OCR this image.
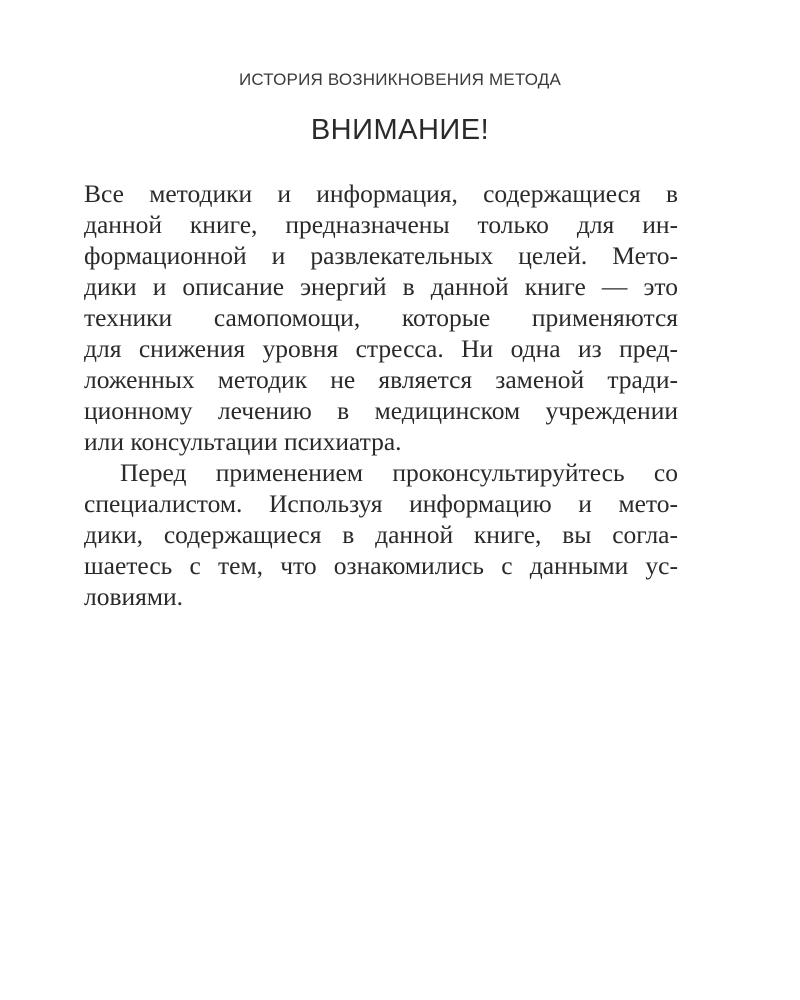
ИСТОРИЯ ВОЗНИКНОВЕНИЯ МЕТОДА

ВНИМАНИЕ!

Все методики и информация, содержащиеся в
данной книге, предназначены только для ин-
формационной и развлекательных целей. Мето-
дики и описание энергий в данной книге — это
техники самопомощи, которые применяются
для снижения уровня стресса. Ни одна из пред-
ложенных методик не является заменой тради-
ционному лечению в медицинском учреждении
или консультации психиатра.

Перед применением проконсультируйтесь со
специалистом. Используя информацию и мето-
дики, содержащиеся в данной книге, вы согла-
шаетесь с тем, что ознакомились с данными ус-
ловиями.
